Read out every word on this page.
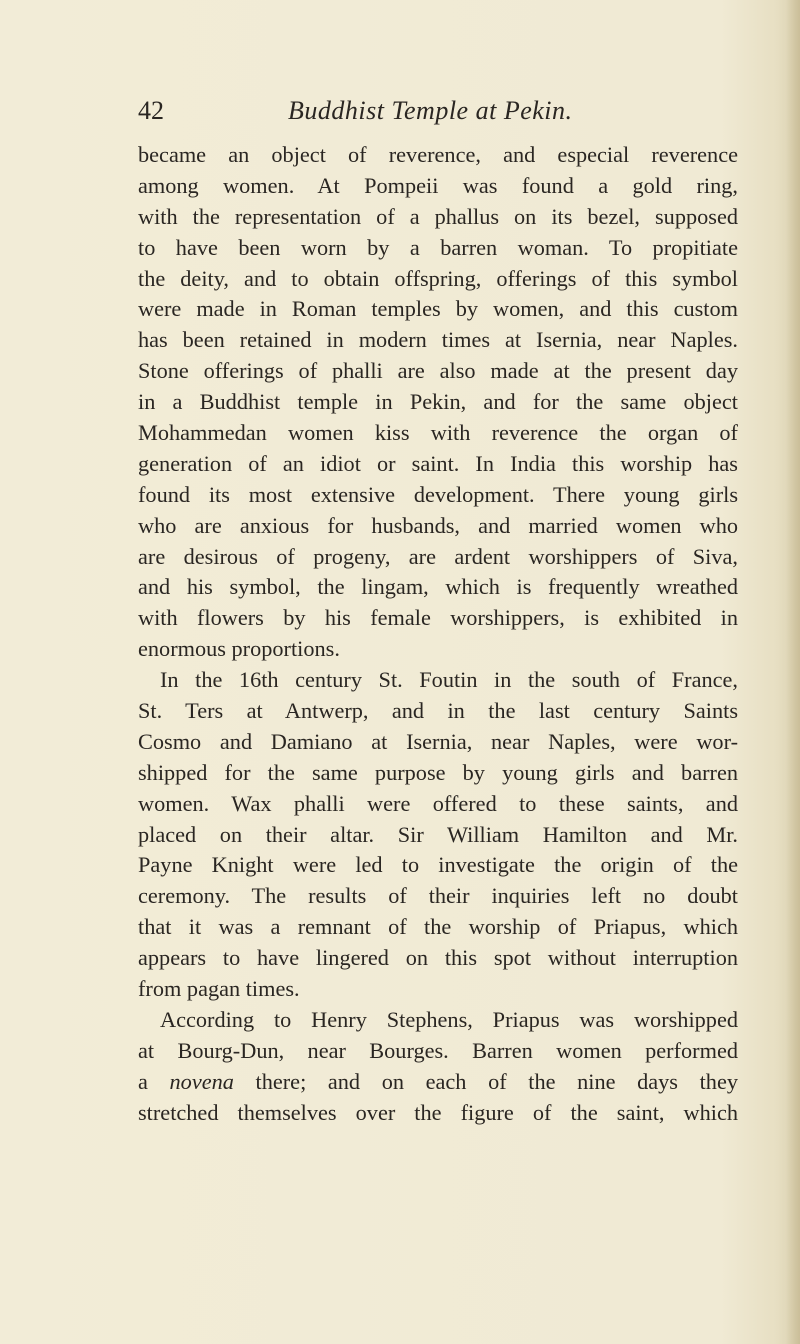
42	Buddhist Temple at Pekin.
became an object of reverence, and especial reverence
among women. At Pompeii was found a gold ring,
with the representation of a phallus on its bezel, supposed
to have been worn by a barren woman. To propitiate
the deity, and to obtain offspring, offerings of this symbol
were made in Roman temples by women, and this custom
has been retained in modern times at Isernia, near Naples.
Stone offerings of phalli are also made at the present day
in a Buddhist temple in Pekin, and for the same object
Mohammedan women kiss with reverence the organ of
generation of an idiot or saint. In India this worship has
found its most extensive development. There young girls
who are anxious for husbands, and married women who
are desirous of progeny, are ardent worshippers of Siva,
and his symbol, the lingam, which is frequently wreathed
with flowers by his female worshippers, is exhibited in
enormous proportions.
In the 16th century St. Foutin in the south of France,
St. Ters at Antwerp, and in the last century Saints
Cosmo and Damiano at Isernia, near Naples, were wor-
shipped for the same purpose by young girls and barren
women. Wax phalli were offered to these saints, and
placed on their altar. Sir William Hamilton and Mr.
Payne Knight were led to investigate the origin of the
ceremony. The results of their inquiries left no doubt
that it was a remnant of the worship of Priapus, which
appears to have lingered on this spot without interruption
from pagan times.
According to Henry Stephens, Priapus was worshipped
at Bourg-Dun, near Bourges. Barren women performed
a novena there; and on each of the nine days they
stretched themselves over the figure of the saint, which
